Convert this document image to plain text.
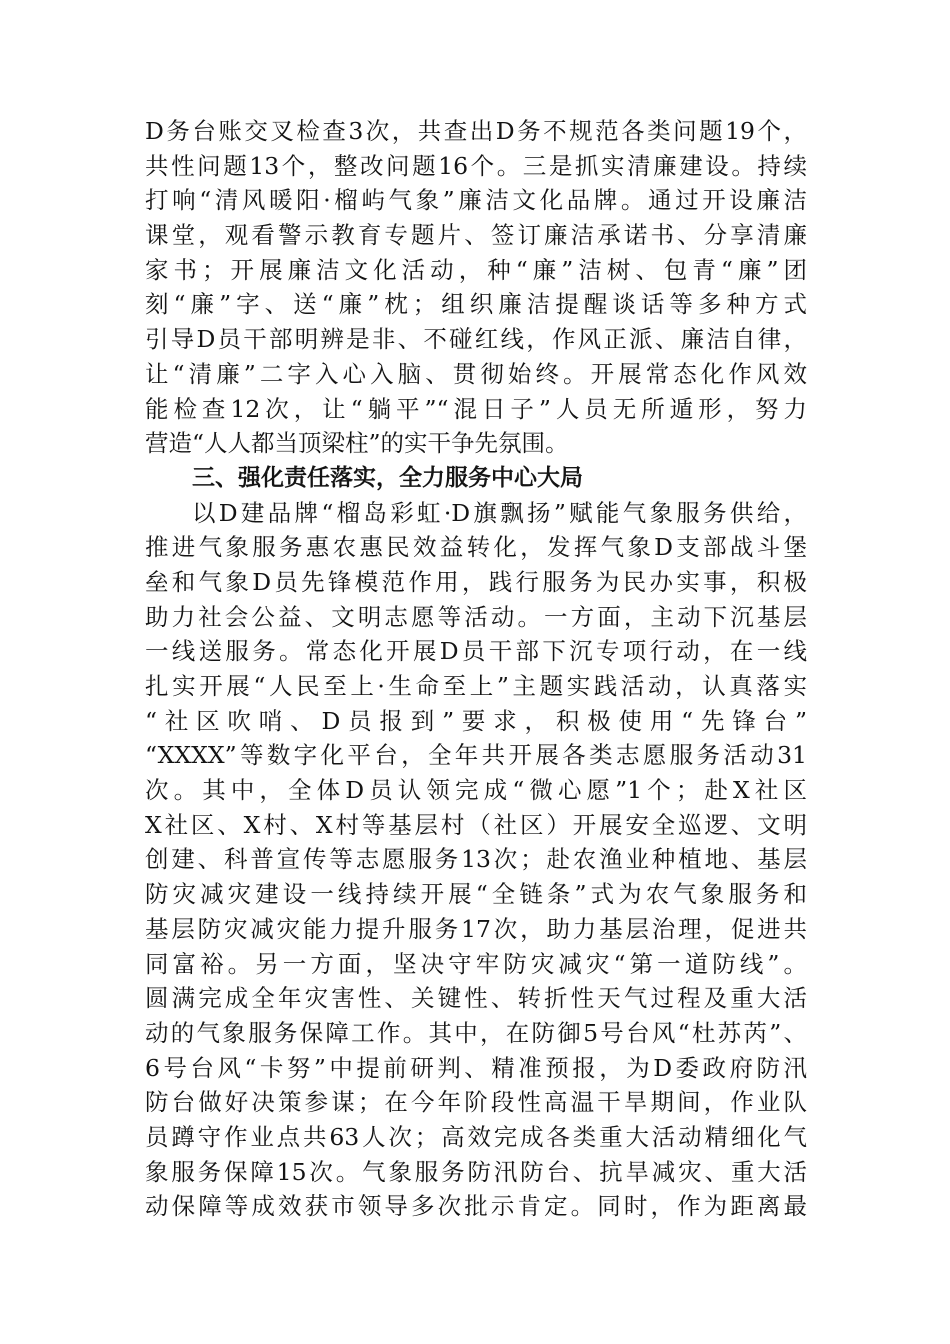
D务台账交叉检查3次，共查出D务不规范各类问题19个，
共性问题13个，整改问题16个。三是抓实清廉建设。持续
打响“清风暖阳·榴屿气象”廉洁文化品牌。通过开设廉洁
课堂，观看警示教育专题片、签订廉洁承诺书、分享清廉
家书；开展廉洁文化活动，种“廉”洁树、包青“廉”团
刻“廉”字、送“廉”枕；组织廉洁提醒谈话等多种方式
引导D员干部明辨是非、不碰红线，作风正派、廉洁自律，
让“清廉”二字入心入脑、贯彻始终。开展常态化作风效
能检查12次，让“躺平”“混日子”人员无所遁形，努力
营造“人人都当顶梁柱”的实干争先氛围。
三、强化责任落实，全力服务中心大局
以D建品牌“榴岛彩虹·D旗飘扬”赋能气象服务供给，
推进气象服务惠农惠民效益转化，发挥气象D支部战斗堡
垒和气象D员先锋模范作用，践行服务为民办实事，积极
助力社会公益、文明志愿等活动。一方面，主动下沉基层
一线送服务。常态化开展D员干部下沉专项行动，在一线
扎实开展“人民至上·生命至上”主题实践活动，认真落实
“社区吹哨、D员报到”要求，积极使用“先锋台”
“XXXX”等数字化平台，全年共开展各类志愿服务活动31
次。其中，全体D员认领完成“微心愿”1个；赴X社区
X社区、X村、X村等基层村（社区）开展安全巡逻、文明
创建、科普宣传等志愿服务13次；赴农渔业种植地、基层
防灾减灾建设一线持续开展“全链条”式为农气象服务和
基层防灾减灾能力提升服务17次，助力基层治理，促进共
同富裕。另一方面，坚决守牢防灾减灾“第一道防线”。
圆满完成全年灾害性、关键性、转折性天气过程及重大活
动的气象服务保障工作。其中，在防御5号台风“杜苏芮”、
6号台风“卡努”中提前研判、精准预报，为D委政府防汛
防台做好决策参谋；在今年阶段性高温干旱期间，作业队
员蹲守作业点共63人次；高效完成各类重大活动精细化气
象服务保障15次。气象服务防汛防台、抗旱减灾、重大活
动保障等成效获市领导多次批示肯定。同时，作为距离最
